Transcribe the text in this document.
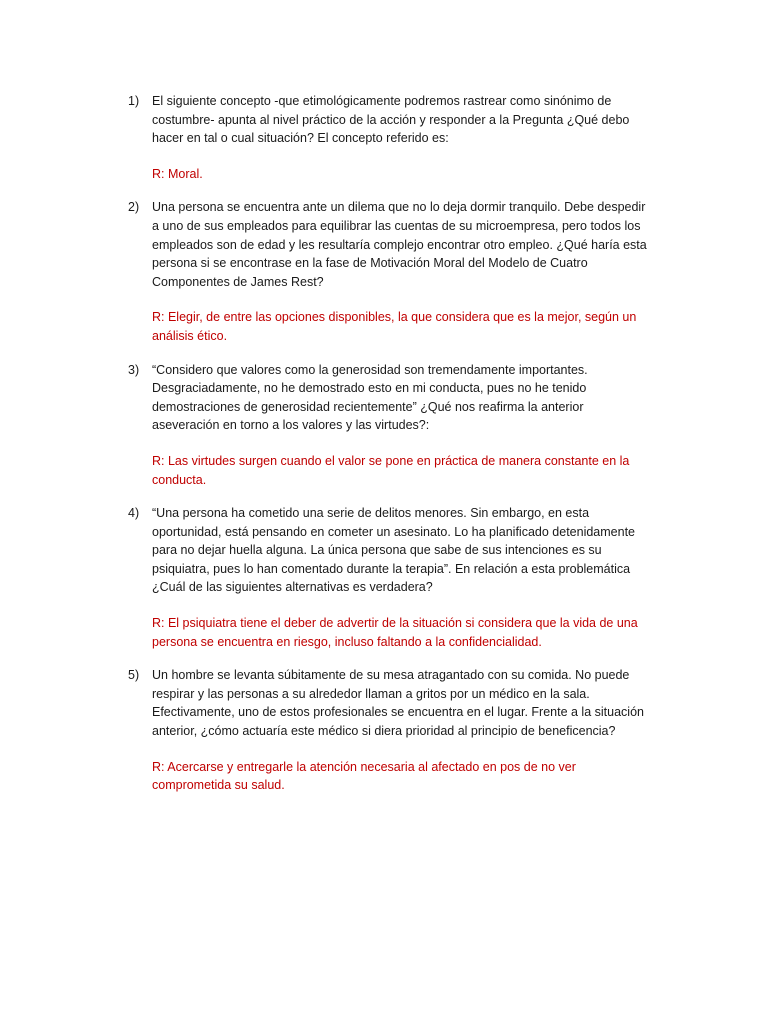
1) El siguiente concepto -que etimológicamente podremos rastrear como sinónimo de costumbre- apunta al nivel práctico de la acción y responder a la Pregunta ¿Qué debo hacer en tal o cual situación? El concepto referido es:

R: Moral.

2) Una persona se encuentra ante un dilema que no lo deja dormir tranquilo. Debe despedir a uno de sus empleados para equilibrar las cuentas de su microempresa, pero todos los empleados son de edad y les resultaría complejo encontrar otro empleo. ¿Qué haría esta persona si se encontrase en la fase de Motivación Moral del Modelo de Cuatro Componentes de James Rest?

R: Elegir, de entre las opciones disponibles, la que considera que es la mejor, según un análisis ético.

3) “Considero que valores como la generosidad son tremendamente importantes. Desgraciadamente, no he demostrado esto en mi conducta, pues no he tenido demostraciones de generosidad recientemente” ¿Qué nos reafirma la anterior aseveración en torno a los valores y las virtudes?:

R: Las virtudes surgen cuando el valor se pone en práctica de manera constante en la conducta.

4) “Una persona ha cometido una serie de delitos menores. Sin embargo, en esta oportunidad, está pensando en cometer un asesinato. Lo ha planificado detenidamente para no dejar huella alguna. La única persona que sabe de sus intenciones es su psiquiatra, pues lo han comentado durante la terapia”. En relación a esta problemática ¿Cuál de las siguientes alternativas es verdadera?

R: El psiquiatra tiene el deber de advertir de la situación si considera que la vida de una persona se encuentra en riesgo, incluso faltando a la confidencialidad.

5) Un hombre se levanta súbitamente de su mesa atragantado con su comida. No puede respirar y las personas a su alrededor llaman a gritos por un médico en la sala. Efectivamente, uno de estos profesionales se encuentra en el lugar. Frente a la situación anterior, ¿cómo actuaría este médico si diera prioridad al principio de beneficencia?

R: Acercarse y entregarle la atención necesaria al afectado en pos de no ver comprometida su salud.
